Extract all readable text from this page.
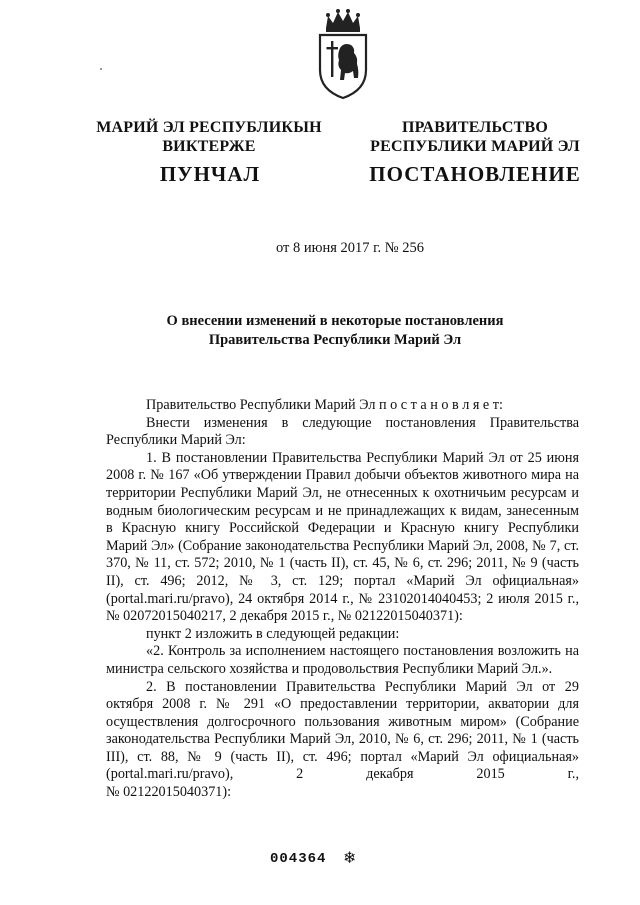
МАРИЙ ЭЛ РЕСПУБЛИКЫН
ВИКТЕРЖЕ
ПУНЧАЛ
ПРАВИТЕЛЬСТВО
РЕСПУБЛИКИ МАРИЙ ЭЛ
ПОСТАНОВЛЕНИЕ
от 8 июня 2017 г. № 256
О внесении изменений в некоторые постановления
Правительства Республики Марий Эл

Правительство Республики Марий Эл п о с т а н о в л я е т:

Внести изменения в следующие постановления Правительства Республики Марий Эл:

1. В постановлении Правительства Республики Марий Эл от 25 июня 2008 г. № 167 «Об утверждении Правил добычи объектов животного мира на территории Республики Марий Эл, не отнесенных к охотничьим ресурсам и водным биологическим ресурсам и не принадлежащих к видам, занесенным в Красную книгу Российской Федерации и Красную книгу Республики Марий Эл» (Собрание законодательства Республики Марий Эл, 2008, № 7, ст. 370, № 11, ст. 572; 2010, № 1 (часть II), ст. 45, № 6, ст. 296; 2011, № 9 (часть II), ст. 496; 2012, № 3, ст. 129; портал «Марий Эл официальная» (portal.mari.ru/pravo), 24 октября 2014 г., № 23102014040453; 2 июля 2015 г., № 02072015040217, 2 декабря 2015 г., № 02122015040371):

пункт 2 изложить в следующей редакции:

«2. Контроль за исполнением настоящего постановления возложить на министра сельского хозяйства и продовольствия Республики Марий Эл.».

2. В постановлении Правительства Республики Марий Эл от 29 октября 2008 г. № 291 «О предоставлении территории, акватории для осуществления долгосрочного пользования животным миром» (Собрание законодательства Республики Марий Эл, 2010, № 6, ст. 296; 2011, № 1 (часть III), ст. 88, № 9 (часть II), ст. 496; портал «Марий Эл официальная» (portal.mari.ru/pravo), 2 декабря 2015 г.,

№ 02122015040371):

004364 ❄
